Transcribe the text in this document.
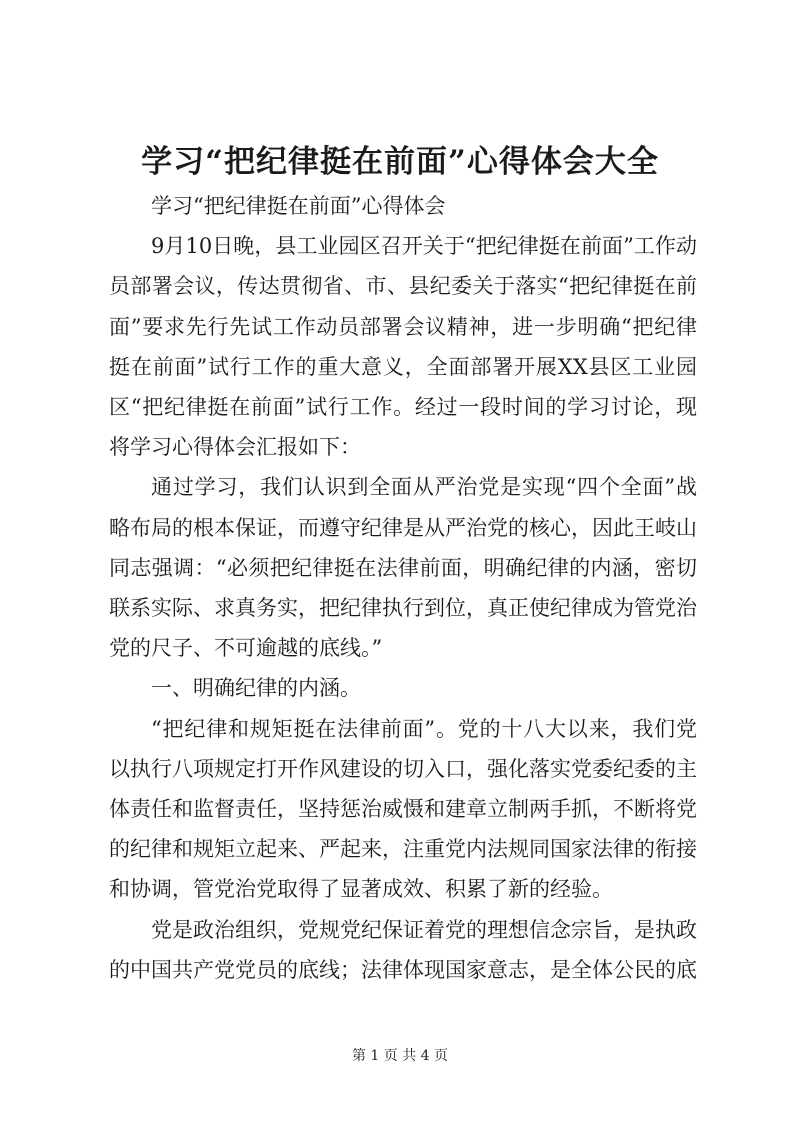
学习“把纪律挺在前面”心得体会大全

学习“把纪律挺在前面”心得体会

9月10日晚，县工业园区召开关于“把纪律挺在前面”工作动员部署会议，传达贯彻省、市、县纪委关于落实“把纪律挺在前面”要求先行先试工作动员部署会议精神，进一步明确“把纪律挺在前面”试行工作的重大意义，全面部署开展XX县区工业园区“把纪律挺在前面”试行工作。经过一段时间的学习讨论，现将学习心得体会汇报如下：

通过学习，我们认识到全面从严治党是实现“四个全面”战略布局的根本保证，而遵守纪律是从严治党的核心，因此王岐山同志强调：“必须把纪律挺在法律前面，明确纪律的内涵，密切联系实际、求真务实，把纪律执行到位，真正使纪律成为管党治党的尺子、不可逾越的底线。”

一、明确纪律的内涵。

“把纪律和规矩挺在法律前面”。党的十八大以来，我们党以执行八项规定打开作风建设的切入口，强化落实党委纪委的主体责任和监督责任，坚持惩治威慑和建章立制两手抓，不断将党的纪律和规矩立起来、严起来，注重党内法规同国家法律的衔接和协调，管党治党取得了显著成效、积累了新的经验。

党是政治组织，党规党纪保证着党的理想信念宗旨，是执政的中国共产党党员的底线；法律体现国家意志，是全体公民的底

第 1 页 共 4 页
